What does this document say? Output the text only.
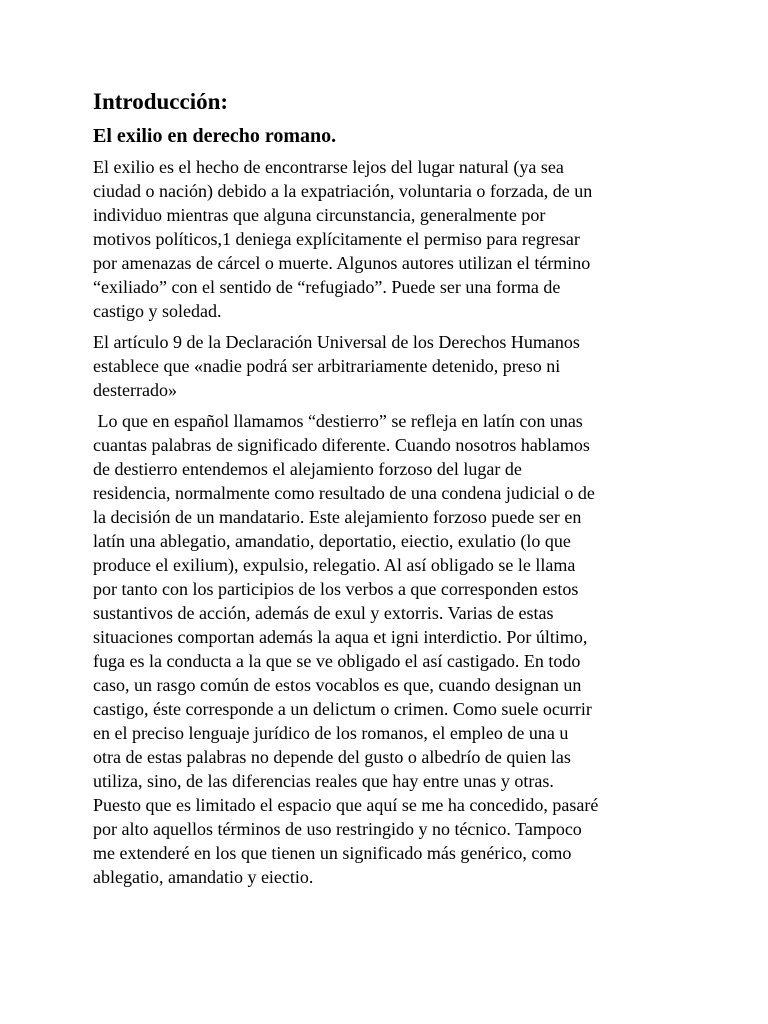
Introducción:
El exilio en derecho romano.
El exilio es el hecho de encontrarse lejos del lugar natural (ya sea
ciudad o nación) debido a la expatriación, voluntaria o forzada, de un
individuo mientras que alguna circunstancia, generalmente por
motivos políticos,1 deniega explícitamente el permiso para regresar
por amenazas de cárcel o muerte. Algunos autores utilizan el término
“exiliado” con el sentido de “refugiado”. Puede ser una forma de
castigo y soledad.
El artículo 9 de la Declaración Universal de los Derechos Humanos
establece que «nadie podrá ser arbitrariamente detenido, preso ni
desterrado»
Lo que en español llamamos “destierro” se refleja en latín con unas
cuantas palabras de significado diferente. Cuando nosotros hablamos
de destierro entendemos el alejamiento forzoso del lugar de
residencia, normalmente como resultado de una condena judicial o de
la decisión de un mandatario. Este alejamiento forzoso puede ser en
latín una ablegatio, amandatio, deportatio, eiectio, exulatio (lo que
produce el exilium), expulsio, relegatio. Al así obligado se le llama
por tanto con los participios de los verbos a que corresponden estos
sustantivos de acción, además de exul y extorris. Varias de estas
situaciones comportan además la aqua et igni interdictio. Por último,
fuga es la conducta a la que se ve obligado el así castigado. En todo
caso, un rasgo común de estos vocablos es que, cuando designan un
castigo, éste corresponde a un delictum o crimen. Como suele ocurrir
en el preciso lenguaje jurídico de los romanos, el empleo de una u
otra de estas palabras no depende del gusto o albedrío de quien las
utiliza, sino, de las diferencias reales que hay entre unas y otras.
Puesto que es limitado el espacio que aquí se me ha concedido, pasaré
por alto aquellos términos de uso restringido y no técnico. Tampoco
me extenderé en los que tienen un significado más genérico, como
ablegatio, amandatio y eiectio.
